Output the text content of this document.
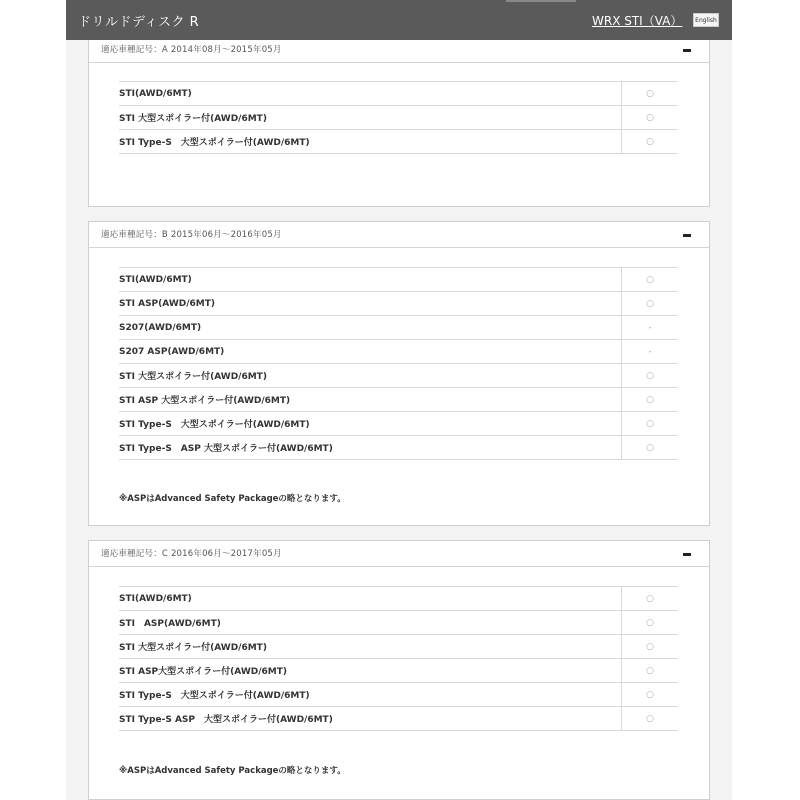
ドリルドディスク R	WRX STI（VA）	English
適応車種記号：A 2014年08月～2015年05月
STI(AWD/6MT)	○
STI 大型スポイラー付(AWD/6MT)	○
STI Type-S　大型スポイラー付(AWD/6MT)	○
適応車種記号：B 2015年06月～2016年05月
STI(AWD/6MT)	○
STI ASP(AWD/6MT)	○
S207(AWD/6MT)	-
S207 ASP(AWD/6MT)	-
STI 大型スポイラー付(AWD/6MT)	○
STI ASP 大型スポイラー付(AWD/6MT)	○
STI Type-S　大型スポイラー付(AWD/6MT)	○
STI Type-S　ASP 大型スポイラー付(AWD/6MT)	○
※ASPはAdvanced Safety Packageの略となります。
適応車種記号：C 2016年06月～2017年05月
STI(AWD/6MT)	○
STI　ASP(AWD/6MT)	○
STI 大型スポイラー付(AWD/6MT)	○
STI ASP大型スポイラー付(AWD/6MT)	○
STI Type-S　大型スポイラー付(AWD/6MT)	○
STI Type-S ASP　大型スポイラー付(AWD/6MT)	○
※ASPはAdvanced Safety Packageの略となります。
